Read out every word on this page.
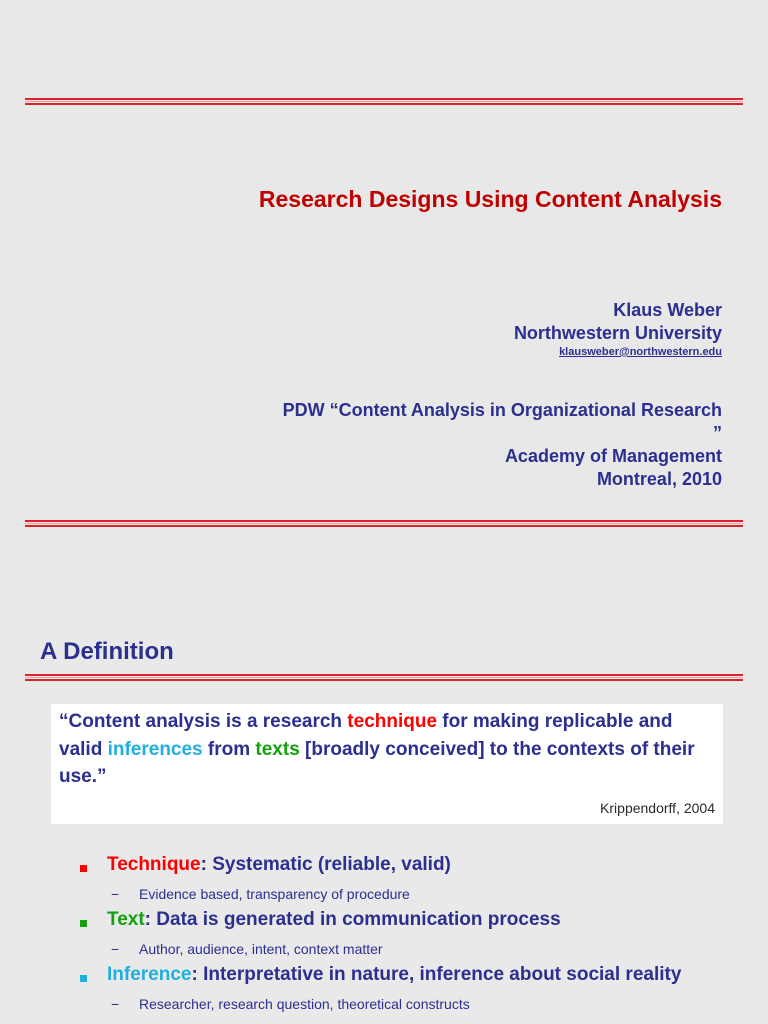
Research Designs Using Content Analysis
Klaus Weber
Northwestern University
klausweber@northwestern.edu
PDW “Content Analysis in Organizational Research
”
Academy of Management
Montreal, 2010
A Definition
“Content analysis is a research technique for making replicable and valid inferences from texts [broadly conceived] to the contexts of their use.”
Krippendorff, 2004
Technique: Systematic (reliable, valid)
− Evidence based, transparency of procedure
Text: Data is generated in communication process
− Author, audience, intent, context matter
Inference: Interpretative in nature, inference about social reality
− Researcher, research question, theoretical constructs
